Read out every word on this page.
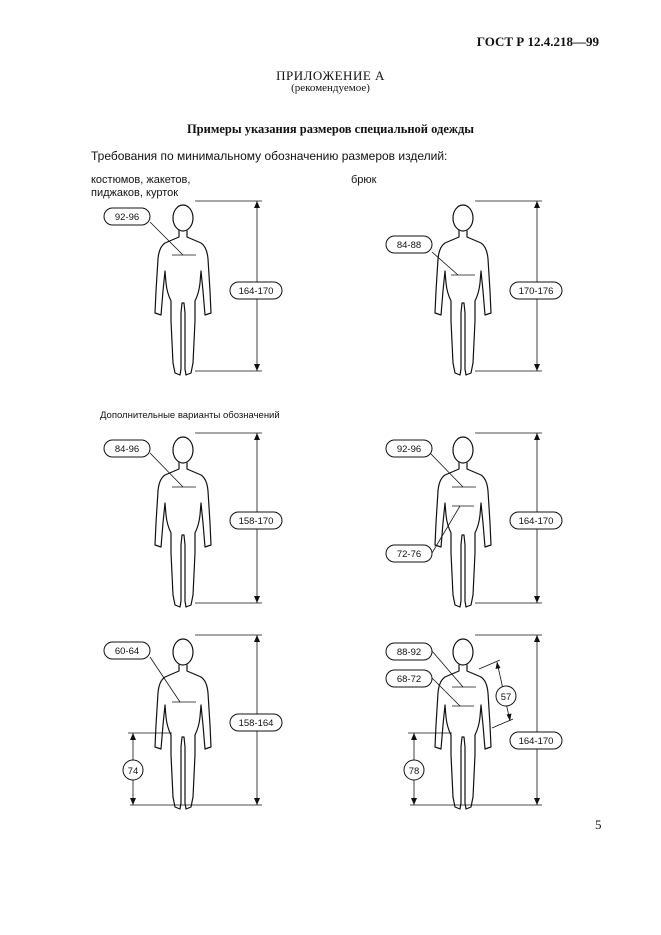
ГОСТ Р 12.4.218—99
ПРИЛОЖЕНИЕ А
(рекомендуемое)
Примеры указания размеров специальной одежды
Требования по минимальному обозначению размеров изделий:
костюмов, жакетов,
пиджаков, курток
брюк
Дополнительные варианты обозначений
5
92-96
164-170
84-88
170-176
84-96
158-170
92-96
72-76
164-170
60-64
158-164
74
88-92
68-72
57
164-170
78
